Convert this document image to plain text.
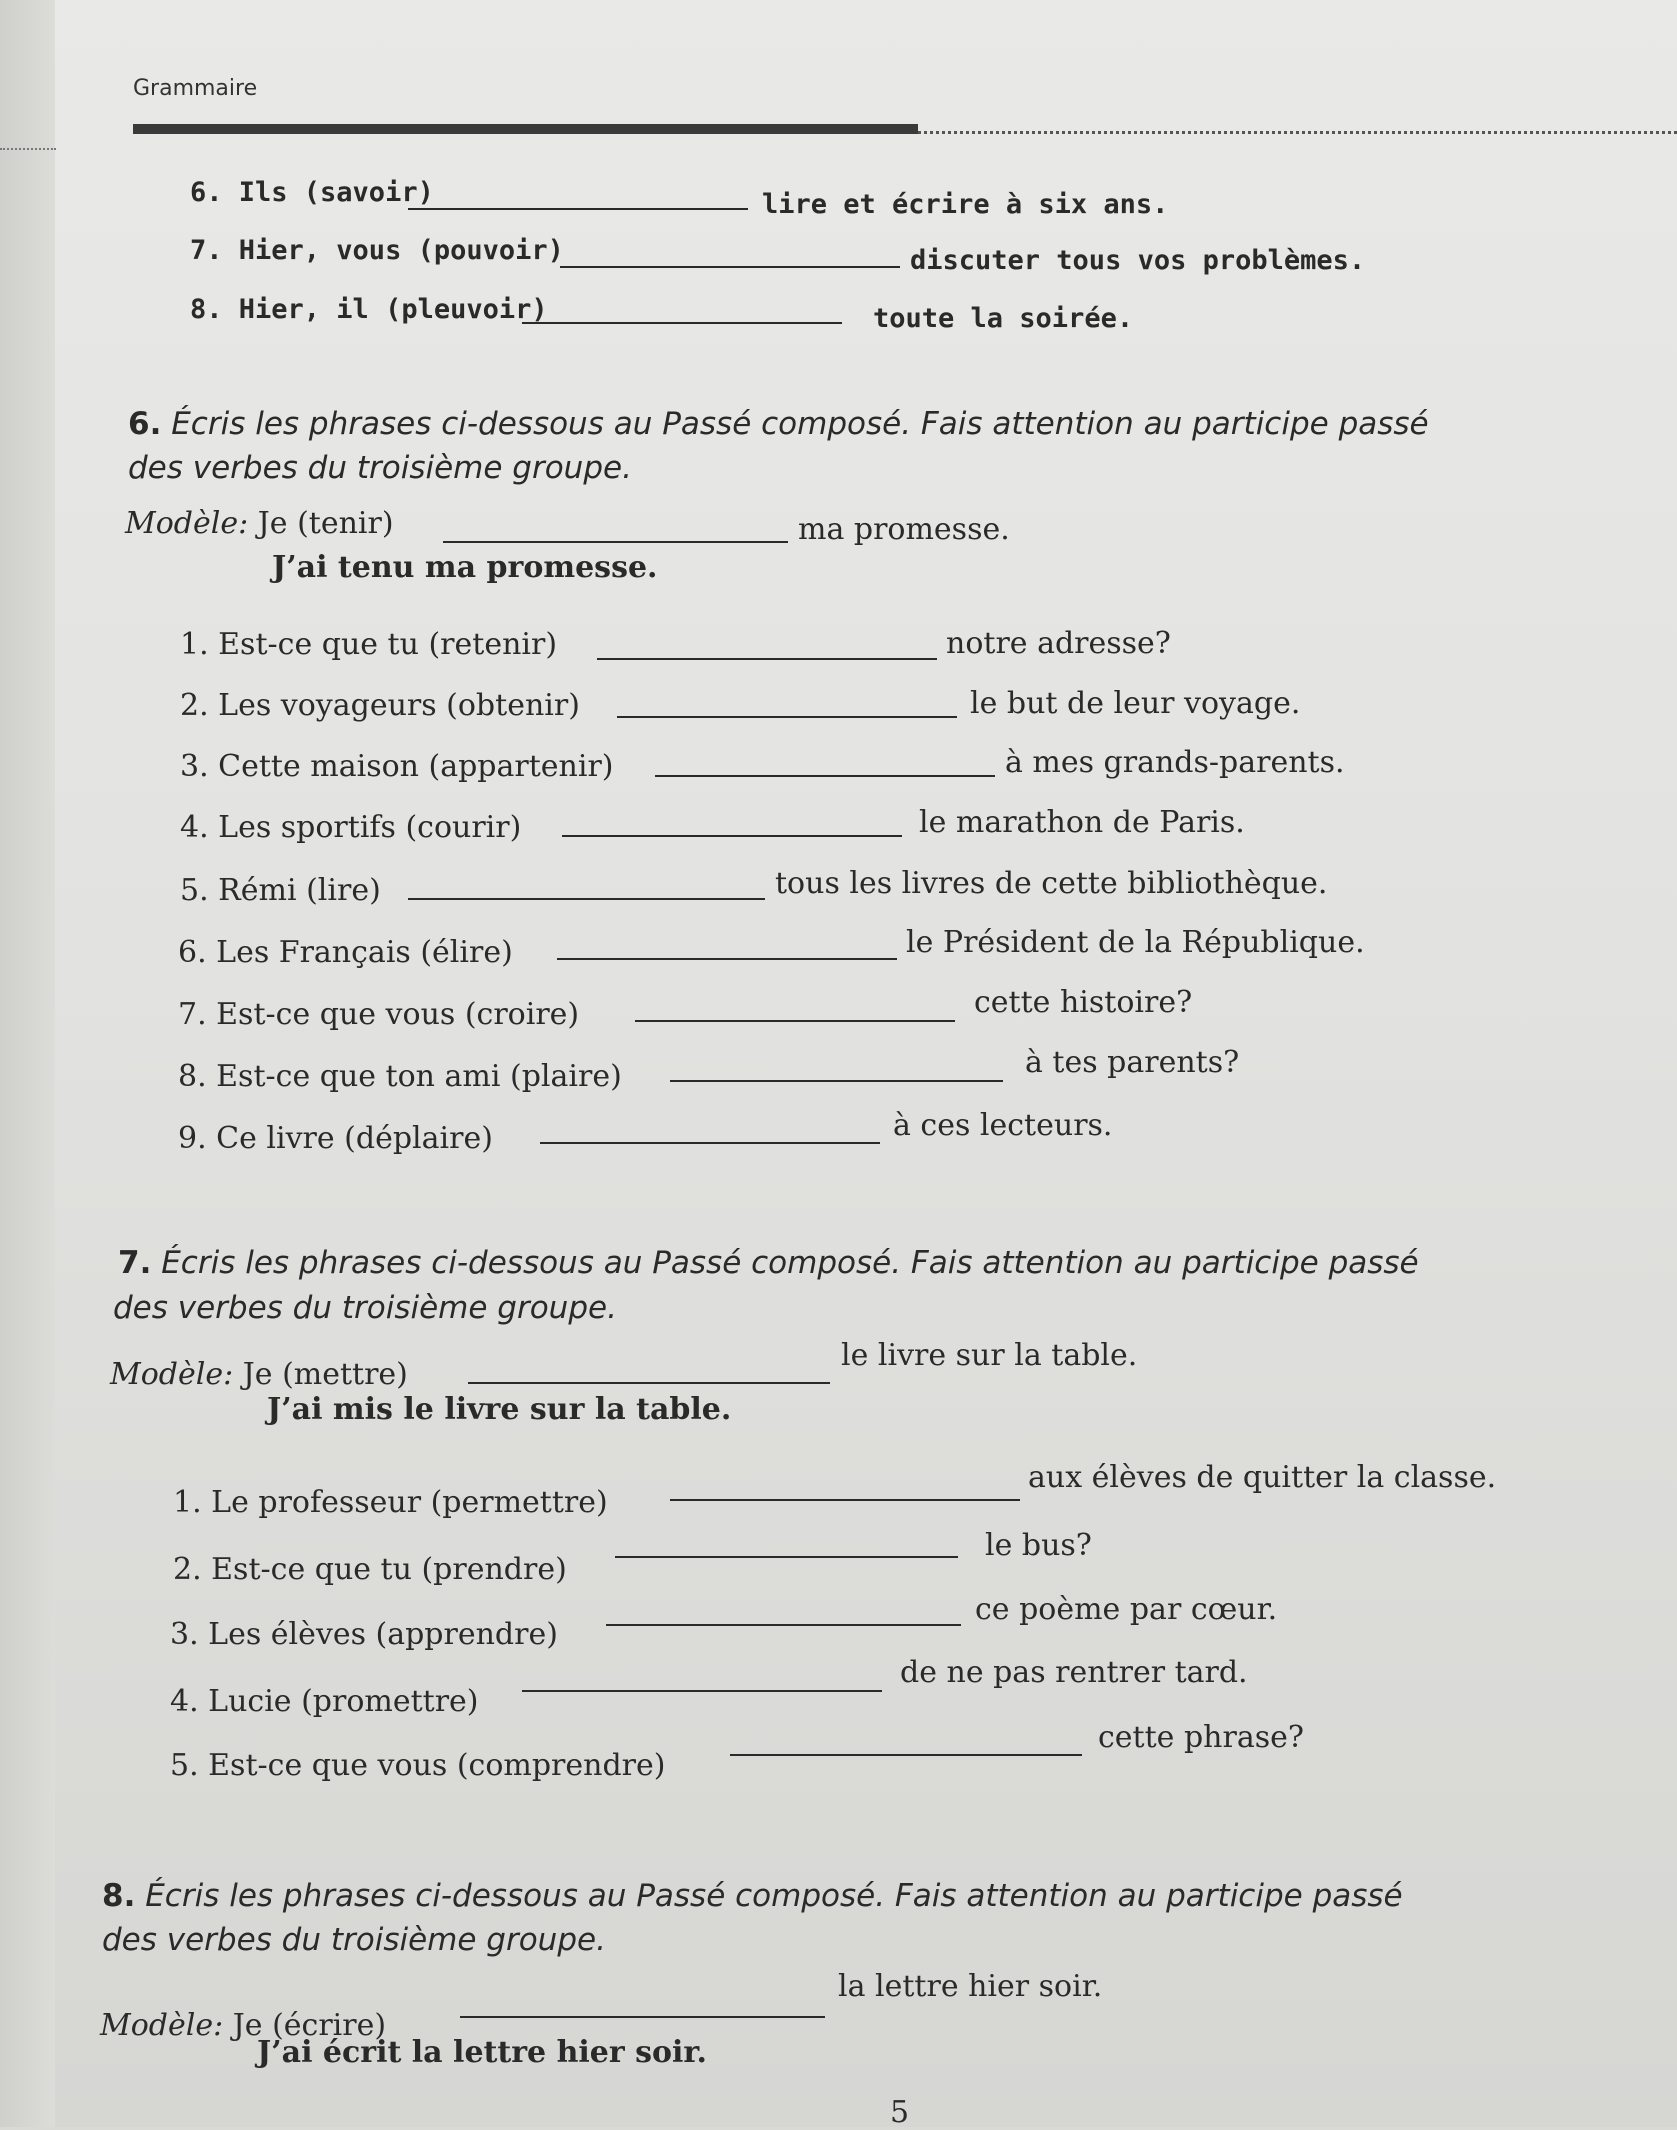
Grammaire
6. Ils (savoir)	lire et écrire à six ans.
7. Hier, vous (pouvoir)	discuter tous vos problèmes.
8. Hier, il (pleuvoir)	toute la soirée.
6. Écris les phrases ci-dessous au Passé composé. Fais attention au participe passé
des verbes du troisième groupe.
Modèle: Je (tenir)	ma promesse.
J’ai tenu ma promesse.
1. Est-ce que tu (retenir)	notre adresse?
2. Les voyageurs (obtenir)	le but de leur voyage.
3. Cette maison (appartenir)	à mes grands-parents.
4. Les sportifs (courir)	le marathon de Paris.
5. Rémi (lire)	tous les livres de cette bibliothèque.
6. Les Français (élire)	le Président de la République.
7. Est-ce que vous (croire)	cette histoire?
8. Est-ce que ton ami (plaire)	à tes parents?
9. Ce livre (déplaire)	à ces lecteurs.
7. Écris les phrases ci-dessous au Passé composé. Fais attention au participe passé
des verbes du troisième groupe.
Modèle: Je (mettre)
le livre sur la table.
J’ai mis le livre sur la table.
1. Le professeur (permettre)
aux élèves de quitter la classe.
2. Est-ce que tu (prendre)
le bus?
3. Les élèves (apprendre)
ce poème par cœur.
4. Lucie (promettre)
de ne pas rentrer tard.
5. Est-ce que vous (comprendre)
cette phrase?
8. Écris les phrases ci-dessous au Passé composé. Fais attention au participe passé
des verbes du troisième groupe.
Modèle: Je (écrire)
la lettre hier soir.
J’ai écrit la lettre hier soir.
5
